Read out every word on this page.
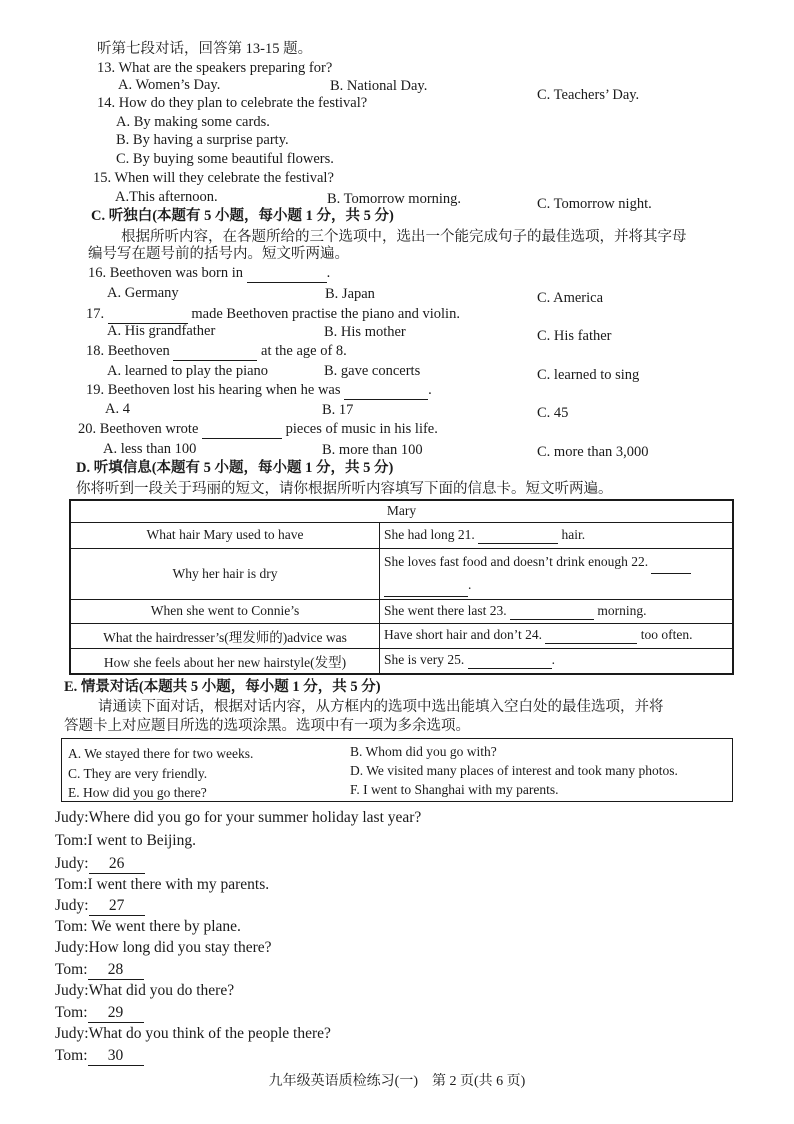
听第七段对话，回答第 13-15 题。
13. What are the speakers preparing for?
A. Women’s Day.	B. National Day.
C. Teachers’ Day.
14. How do they plan to celebrate the festival?
A. By making some cards.
B. By having a surprise party.
C. By buying some beautiful flowers.
15. When will they celebrate the festival?
A.This afternoon.	B. Tomorrow morning.	C. Tomorrow night.
C. 听独白(本题有 5 小题，每小题 1 分，共 5 分)
根据所听内容，在各题所给的三个选项中，选出一个能完成句子的最佳选项，并将其字母
编号写在题号前的括号内。短文听两遍。
16. Beethoven was born in	.
A. Germany	B. Japan	C. America
17.	made Beethoven practise the piano and violin.
A. His grandfather	B. His mother	C. His father
18. Beethoven	at the age of 8.
A. learned to play the piano	B. gave concerts	C. learned to sing
19. Beethoven lost his hearing when he was	.
A. 4	B. 17	C. 45
20. Beethoven wrote	pieces of music in his life.
A. less than 100	B. more than 100	C. more than 3,000
D. 听填信息(本题有 5 小题，每小题 1 分，共 5 分)
你将听到一段关于玛丽的短文，请你根据所听内容填写下面的信息卡。短文听两遍。
Mary	
What hair Mary used to have	She had long 21. hair.
Why her hair is dry	She loves fast food and doesn’t drink enough 22.
.
When she went to Connie’s	She went there last 23. morning.
What the hairdresser’s(理发师的)advice was	Have short hair and don’t 24. too often.
How she feels about her new hairstyle(发型)	She is very 25. .
E. 情景对话(本题共 5 小题，每小题 1 分，共 5 分)
请通读下面对话，根据对话内容，从方框内的选项中选出能填入空白处的最佳选项，并将
答题卡上对应题目所选的选项涂黑。选项中有一项为多余选项。
A. We stayed there for two weeks.	B. Whom did you go with?
C. They are very friendly.	D. We visited many places of interest and took many photos.
E. How did you go there?	F. I went to Shanghai with my parents.
Judy:Where did you go for your summer holiday last year?
Tom:I went to Beijing.
Judy: 26
Tom:I went there with my parents.
Judy: 27
Tom: We went there by plane.
Judy:How long did you stay there?
Tom: 28
Judy:What did you do there?
Tom: 29
Judy:What do you think of the people there?
Tom: 30
九年级英语质检练习(一)　第 2 页(共 6 页)
